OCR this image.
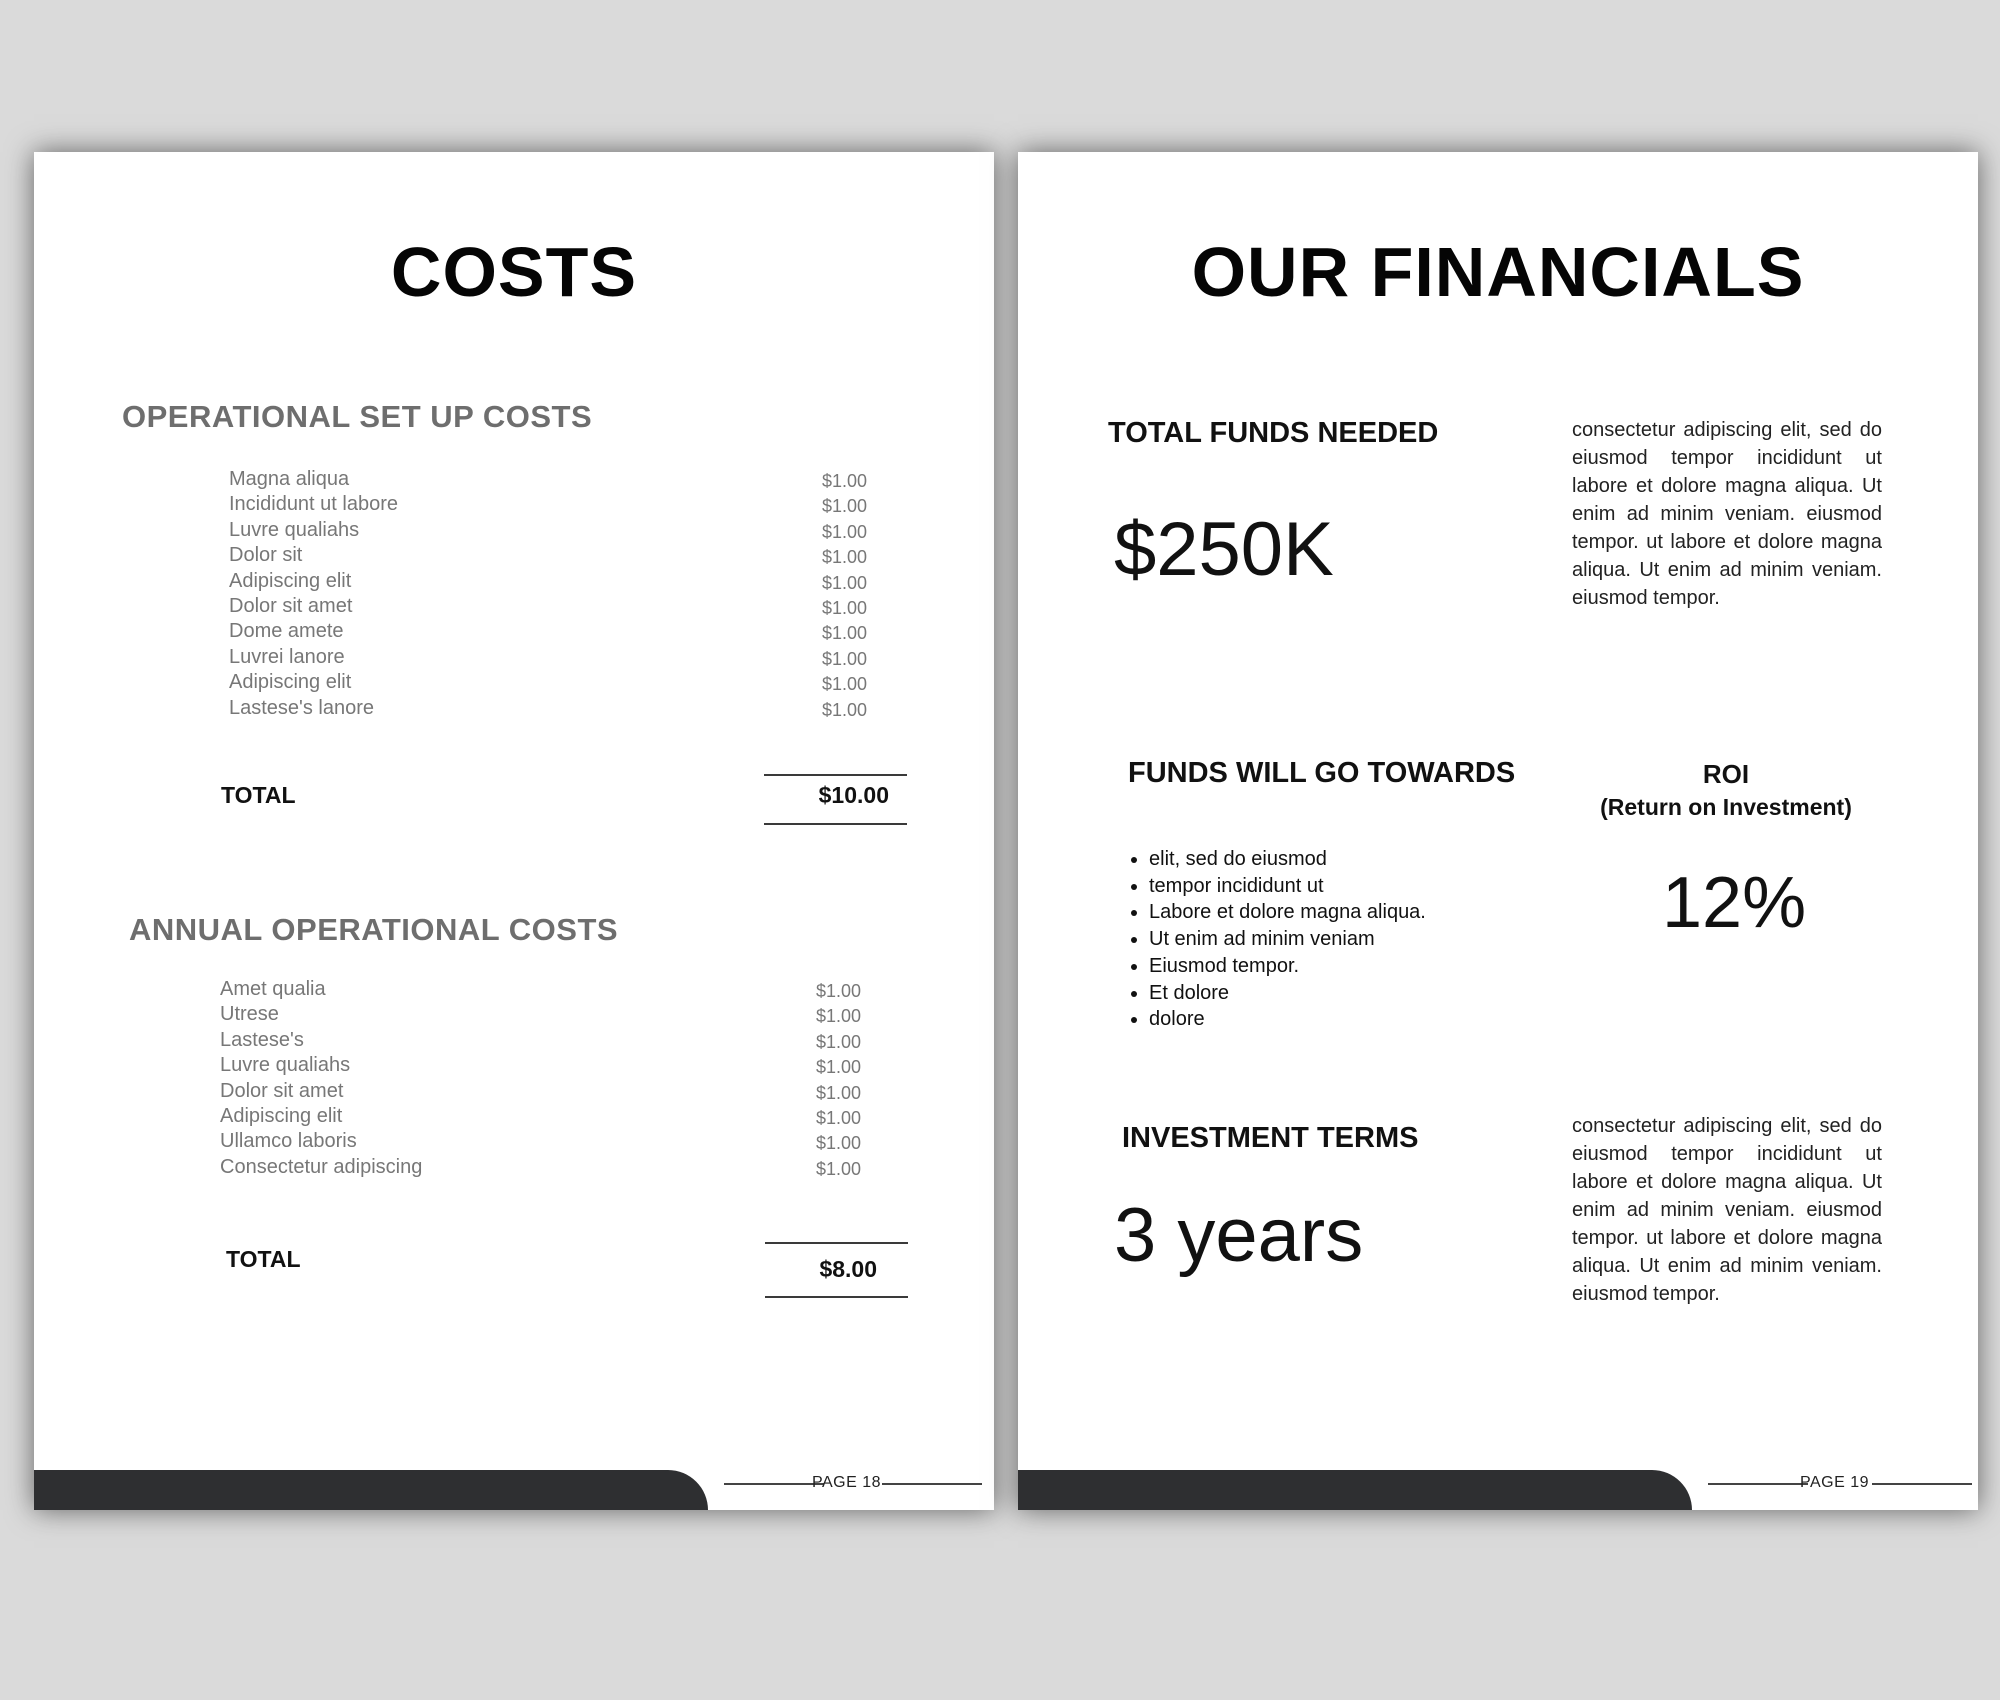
COSTS
OPERATIONAL SET UP COSTS
Magna aliqua	$1.00
Incididunt ut labore	$1.00
Luvre qualiahs	$1.00
Dolor sit	$1.00
Adipiscing elit	$1.00
Dolor sit amet	$1.00
Dome amete	$1.00
Luvrei lanore	$1.00
Adipiscing elit	$1.00
Lastese's lanore	$1.00
TOTAL	$10.00
ANNUAL OPERATIONAL COSTS
Amet qualia	$1.00
Utrese	$1.00
Lastese's	$1.00
Luvre qualiahs	$1.00
Dolor sit amet	$1.00
Adipiscing elit	$1.00
Ullamco laboris	$1.00
Consectetur adipiscing	$1.00
TOTAL	$8.00
PAGE 18
OUR FINANCIALS
TOTAL FUNDS NEEDED
$250K

consectetur adipiscing elit, sed do eiusmod tempor incididunt ut labore et dolore magna aliqua. Ut enim ad minim veniam. eiusmod tempor. ut labore et dolore magna aliqua. Ut enim ad minim veniam. eiusmod tempor.

FUNDS WILL GO TOWARDS
• elit, sed do eiusmod
• tempor incididunt ut
• Labore et dolore magna aliqua.
• Ut enim ad minim veniam
• Eiusmod tempor.
• Et dolore
• dolore
ROI
(Return on Investment)
12%
INVESTMENT TERMS
3 years

consectetur adipiscing elit, sed do eiusmod tempor incididunt ut labore et dolore magna aliqua. Ut enim ad minim veniam. eiusmod tempor. ut labore et dolore magna aliqua. Ut enim ad minim veniam. eiusmod tempor.

PAGE 19
